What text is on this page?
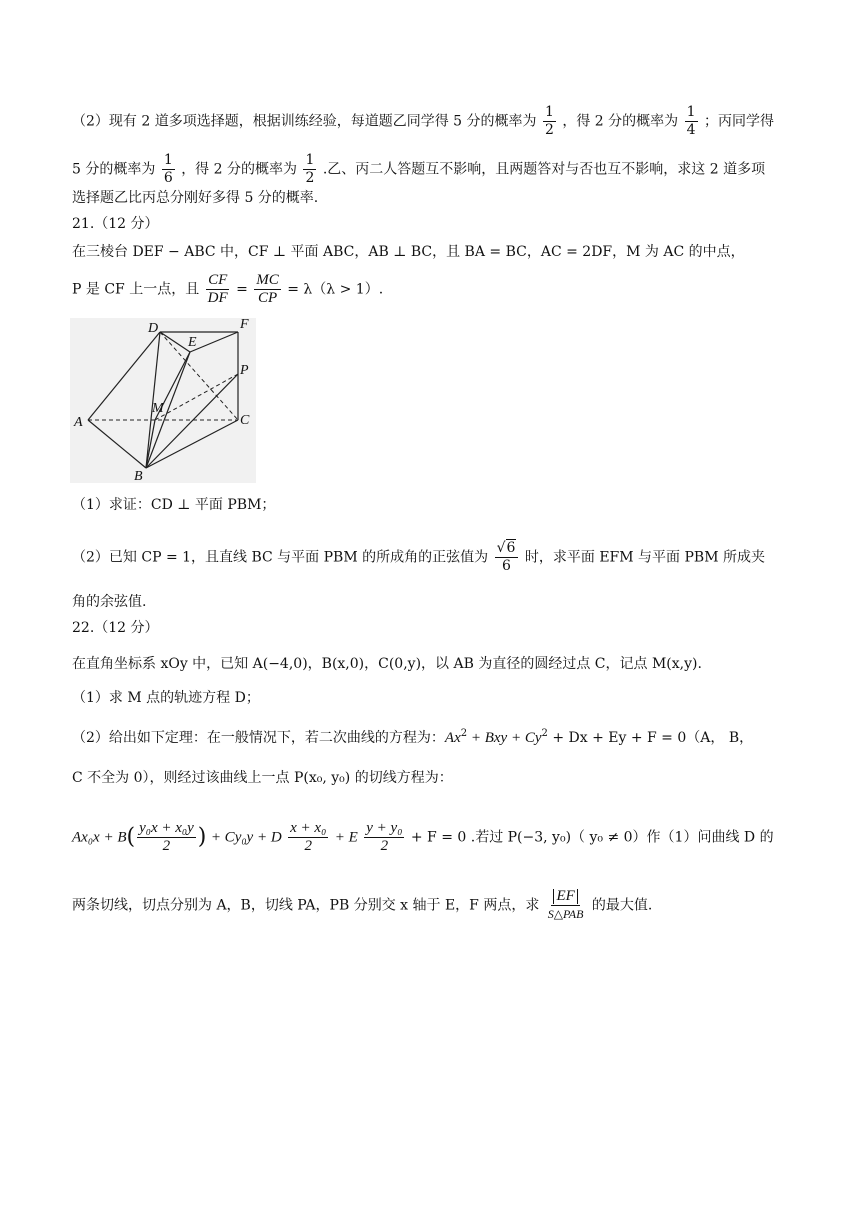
（2）现有 2 道多项选择题，根据训练经验，每道题乙同学得 5 分的概率为 $\frac{1}{2}$ ，得 2 分的概率为 $\frac{1}{4}$ ；丙同学得
5 分的概率为 $\frac{1}{6}$ ，得 2 分的概率为 $\frac{1}{2}$ .乙、丙二人答题互不影响，且两题答对与否也互不影响，求这 2 道多项
选择题乙比丙总分刚好多得 5 分的概率.
21.（12 分）
在三棱台 DEF − ABC 中，CF ⊥ 平面 ABC，AB ⊥ BC，且 BA = BC，AC = 2DF，M 为 AC 的中点，
P 是 CF 上一点，且 $\frac{CF}{DF} = \frac{MC}{CP} = \lambda(\lambda > 1)$.
D
E
F
P
M
A	C
B
（1）求证：CD ⊥ 平面 PBM；
（2）已知 CP = 1，且直线 BC 与平面 PBM 的所成角的正弦值为 $\frac{√6}{6}$ 时，求平面 EFM 与平面 PBM 所成夹
角的余弦值.
22.（12 分）
在直角坐标系 xOy 中，已知 A(−4,0)，B(x,0)，C(0,y)，以 AB 为直径的圆经过点 C，记点 M(x,y).
（1）求 M 点的轨迹方程 D；
（2）给出如下定理：在一般情况下，若二次曲线的方程为：$Ax^2$ + Bxy + $Cy^2 + Dx + Ey + F = 0(A$， B，
C 不全为 0），则经过该曲线上一点 P(x₀, y₀) 的切线方程为：
$Ax_0x + B( \frac{\text{y₀x + x₀y}}{2}$ ) + Cy₀y + D $\frac{\text{x + x₀}}{2} + E \frac{\text{y + y₀}}{2} + F = 0$ .若过 P(−3, y₀)（ y₀ ≠ 0）作（1）问曲线 D 的
两条切线，切点分别为 A，B，切线 PA，PB 分别交 x 轴于 E，F 两点，求 $\frac{EF}{\text{S△PAB}}$ 的最大值.
